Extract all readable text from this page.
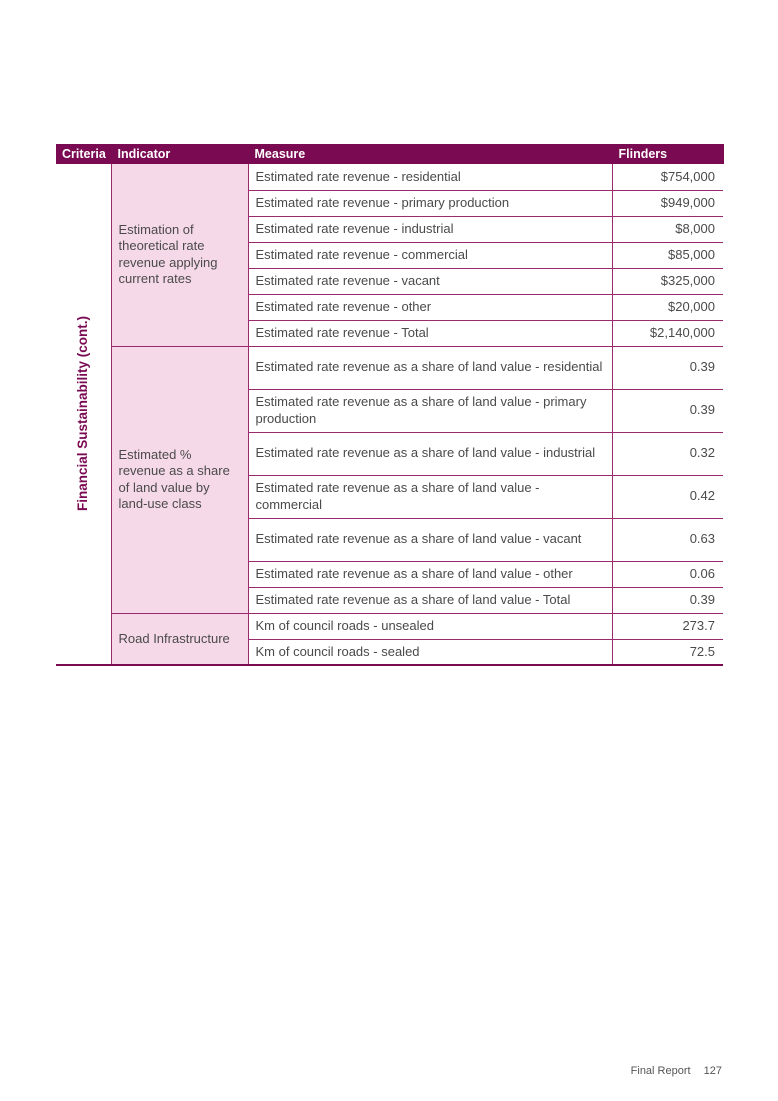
Criteria	Indicator	Measure	Flinders

Financial Sustainability (cont.)	Estimation of theoretical rate revenue applying current rates	Estimated rate revenue - residential	$754,000
		Estimated rate revenue - primary production	$949,000
		Estimated rate revenue - industrial	$8,000
		Estimated rate revenue - commercial	$85,000
		Estimated rate revenue - vacant	$325,000
		Estimated rate revenue - other	$20,000
		Estimated rate revenue - Total	$2,140,000
	Estimated % revenue as a share of land value by land-use class	Estimated rate revenue as a share of land value - residential	0.39
		Estimated rate revenue as a share of land value - primary production	0.39
		Estimated rate revenue as a share of land value - industrial	0.32
		Estimated rate revenue as a share of land value - commercial	0.42
		Estimated rate revenue as a share of land value - vacant	0.63
		Estimated rate revenue as a share of land value - other	0.06
		Estimated rate revenue as a share of land value - Total	0.39
	Road Infrastructure	Km of council roads - unsealed	273.7
		Km of council roads - sealed	72.5
Final Report 127
